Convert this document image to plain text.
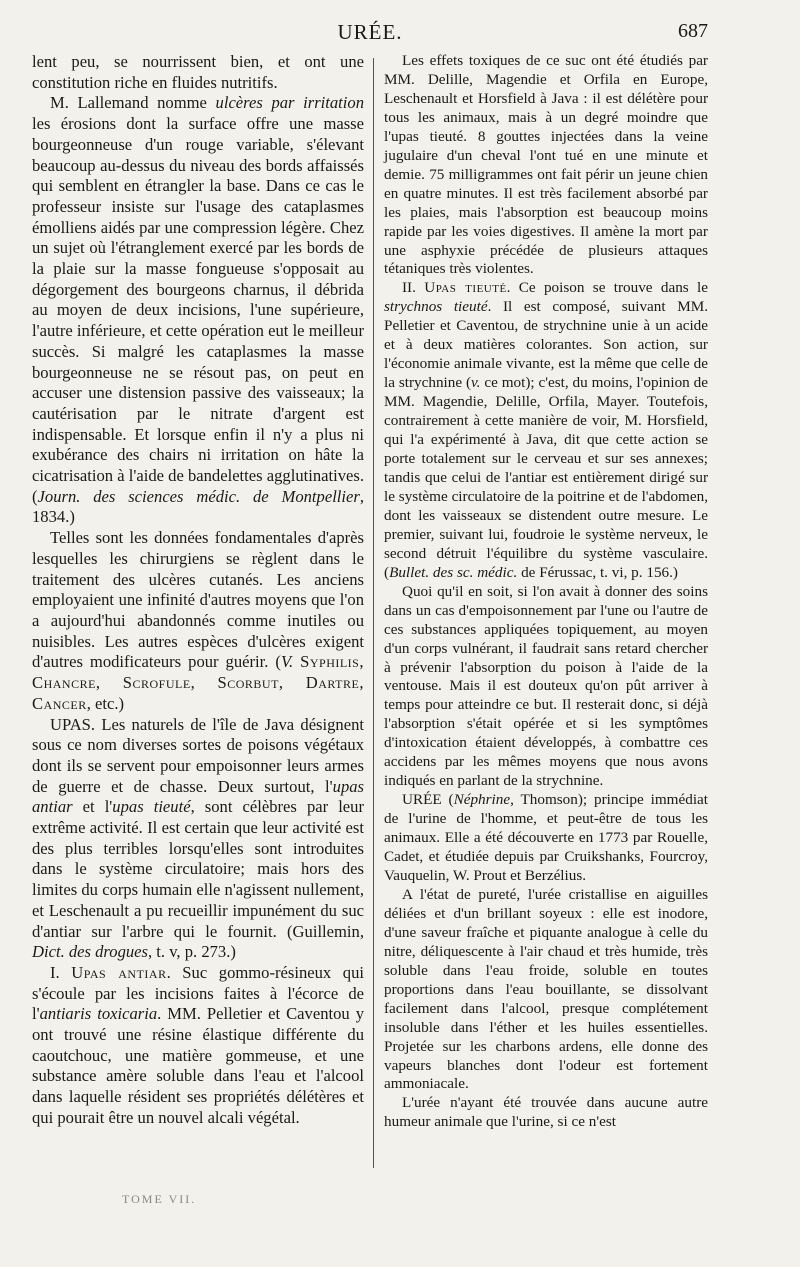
URÉE.	687

lent peu, se nourrissent bien, et ont une constitution riche en fluides nutritifs.

M. Lallemand nomme ulcères par irritation les érosions dont la surface offre une masse bourgeonneuse d'un rouge variable, s'élevant beaucoup au-dessus du niveau des bords affaissés qui semblent en étrangler la base. Dans ce cas le professeur insiste sur l'usage des cataplasmes émolliens aidés par une compression légère. Chez un sujet où l'étranglement exercé par les bords de la plaie sur la masse fongueuse s'opposait au dégorgement des bourgeons charnus, il débrida au moyen de deux incisions, l'une supérieure, l'autre inférieure, et cette opération eut le meilleur succès. Si malgré les cataplasmes la masse bourgeonneuse ne se résout pas, on peut en accuser une distension passive des vaisseaux; la cautérisation par le nitrate d'argent est indispensable. Et lorsque enfin il n'y a plus ni exubérance des chairs ni irritation on hâte la cicatrisation à l'aide de bandelettes agglutinatives. (Journ. des sciences médic. de Montpellier, 1834.)

Telles sont les données fondamentales d'après lesquelles les chirurgiens se règlent dans le traitement des ulcères cutanés. Les anciens employaient une infinité d'autres moyens que l'on a aujourd'hui abandonnés comme inutiles ou nuisibles. Les autres espèces d'ulcères exigent d'autres modificateurs pour guérir. (V. Syphilis, Chancre, Scrofule, Scorbut, Dartre, Cancer, etc.)

UPAS. Les naturels de l'île de Java désignent sous ce nom diverses sortes de poisons végétaux dont ils se servent pour empoisonner leurs armes de guerre et de chasse. Deux surtout, l'upas antiar et l'upas tieuté, sont célèbres par leur extrême activité. Il est certain que leur activité est des plus terribles lorsqu'elles sont introduites dans le système circulatoire; mais hors des limites du corps humain elle n'agissent nullement, et Leschenault a pu recueillir impunément du suc d'antiar sur l'arbre qui le fournit. (Guillemin, Dict. des drogues, t. v, p. 273.)

I. Upas antiar. Suc gommo-résineux qui s'écoule par les incisions faites à l'écorce de l'antiaris toxicaria. MM. Pelletier et Caventou y ont trouvé une résine élastique différente du caoutchouc, une matière gommeuse, et une substance amère soluble dans l'eau et l'alcool dans laquelle résident ses propriétés délétères et qui pourait être un nouvel alcali végétal.

Les effets toxiques de ce suc ont été étudiés par MM. Delille, Magendie et Orfila en Europe, Leschenault et Horsfield à Java : il est délétère pour tous les animaux, mais à un degré moindre que l'upas tieuté. 8 gouttes injectées dans la veine jugulaire d'un cheval l'ont tué en une minute et demie. 75 milligrammes ont fait périr un jeune chien en quatre minutes. Il est très facilement absorbé par les plaies, mais l'absorption est beaucoup moins rapide par les voies digestives. Il amène la mort par une asphyxie précédée de plusieurs attaques tétaniques très violentes.

II. Upas tieuté. Ce poison se trouve dans le strychnos tieuté. Il est composé, suivant MM. Pelletier et Caventou, de strychnine unie à un acide et à deux matières colorantes. Son action, sur l'économie animale vivante, est la même que celle de la strychnine (v. ce mot); c'est, du moins, l'opinion de MM. Magendie, Delille, Orfila, Mayer. Toutefois, contrairement à cette manière de voir, M. Horsfield, qui l'a expérimenté à Java, dit que cette action se porte totalement sur le cerveau et sur ses annexes; tandis que celui de l'antiar est entièrement dirigé sur le système circulatoire de la poitrine et de l'abdomen, dont les vaisseaux se distendent outre mesure. Le premier, suivant lui, foudroie le système nerveux, le second détruit l'équilibre du système vasculaire. (Bullet. des sc. médic. de Férussac, t. vi, p. 156.)

Quoi qu'il en soit, si l'on avait à donner des soins dans un cas d'empoisonnement par l'une ou l'autre de ces substances appliquées topiquement, au moyen d'un corps vulnérant, il faudrait sans retard chercher à prévenir l'absorption du poison à l'aide de la ventouse. Mais il est douteux qu'on pût arriver à temps pour atteindre ce but. Il resterait donc, si déjà l'absorption s'était opérée et si les symptômes d'intoxication étaient développés, à combattre ces accidens par les mêmes moyens que nous avons indiqués en parlant de la strychnine.

URÉE (Néphrine, Thomson); principe immédiat de l'urine de l'homme, et peut-être de tous les animaux. Elle a été découverte en 1773 par Rouelle, Cadet, et étudiée depuis par Cruikshanks, Fourcroy, Vauquelin, W. Prout et Berzélius.

A l'état de pureté, l'urée cristallise en aiguilles déliées et d'un brillant soyeux : elle est inodore, d'une saveur fraîche et piquante analogue à celle du nitre, déliquescente à l'air chaud et très humide, très soluble dans l'eau froide, soluble en toutes proportions dans l'eau bouillante, se dissolvant facilement dans l'alcool, presque complétement insoluble dans l'éther et les huiles essentielles. Projetée sur les charbons ardens, elle donne des vapeurs blanches dont l'odeur est fortement ammoniacale.

L'urée n'ayant été trouvée dans aucune autre humeur animale que l'urine, si ce n'est

TOME VII.
